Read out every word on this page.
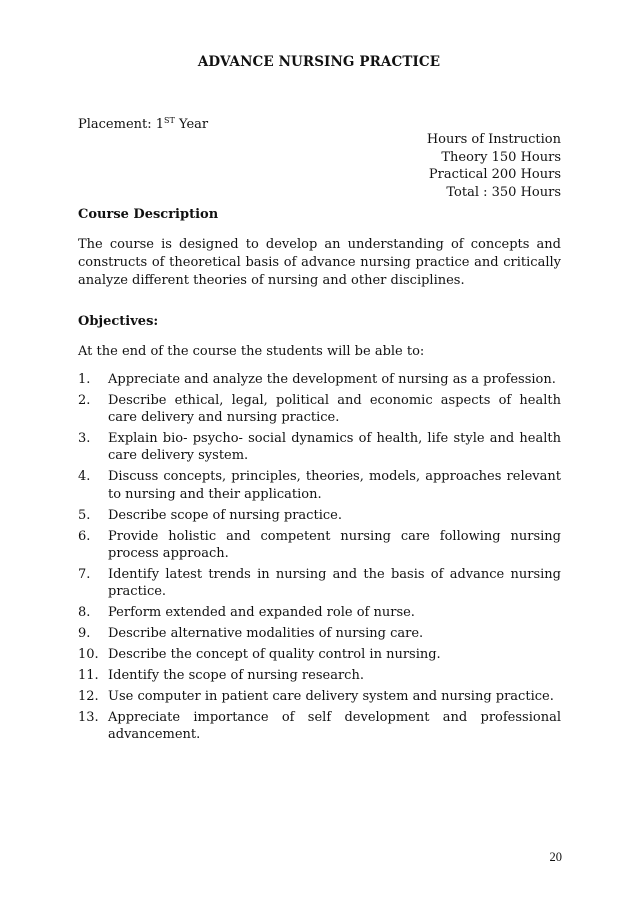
ADVANCE NURSING PRACTICE
Placement: 1ST Year
Hours of Instruction
Theory 150 Hours
Practical 200 Hours
Total : 350 Hours
Course Description
The course is designed to develop an understanding of concepts and constructs of theoretical basis of advance nursing practice and critically analyze different theories of nursing and other disciplines.
Objectives:
At the end of the course the students will be able to:
1. Appreciate and analyze the development of nursing as a profession.
2. Describe ethical, legal, political and economic aspects of health care delivery and nursing practice.
3. Explain bio- psycho- social dynamics of health, life style and health care delivery system.
4. Discuss concepts, principles, theories, models, approaches relevant to nursing and their application.
5. Describe scope of nursing practice.
6. Provide holistic and competent nursing care following nursing process approach.
7. Identify latest trends in nursing and the basis of advance nursing practice.
8. Perform extended and expanded role of nurse.
9. Describe alternative modalities of nursing care.
10. Describe the concept of quality control in nursing.
11. Identify the scope of nursing research.
12. Use computer in patient care delivery system and nursing practice.
13. Appreciate importance of self development and professional
advancement.
20
